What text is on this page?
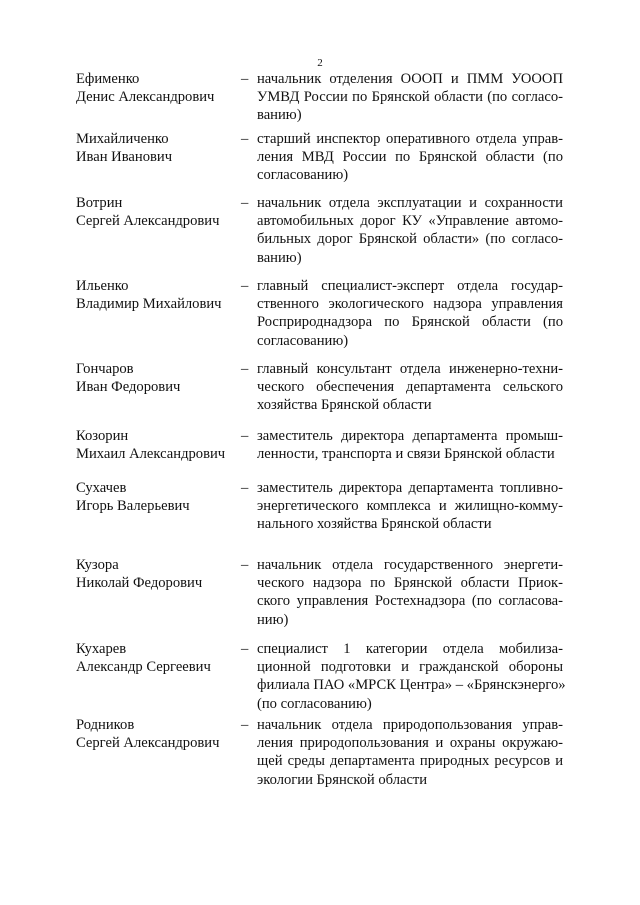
2
Ефименко
Денис Александрович
– начальник отделения ОООП и ПММ УОООП
УМВД России по Брянской области (по согласо-
ванию)
Михайличенко
Иван Иванович
– старший инспектор оперативного отдела управ-
ления МВД России по Брянской области (по
согласованию)
Вотрин
Сергей Александрович
– начальник отдела эксплуатации и сохранности
автомобильных дорог КУ «Управление автомо-
бильных дорог Брянской области» (по согласо-
ванию)
Ильенко
Владимир Михайлович
– главный специалист-эксперт отдела государ-
ственного экологического надзора управления
Росприроднадзора по Брянской области (по
согласованию)
Гончаров
Иван Федорович
– главный консультант отдела инженерно-техни-
ческого обеспечения департамента сельского
хозяйства Брянской области
Козорин
Михаил Александрович
– заместитель директора департамента промыш-
ленности, транспорта и связи Брянской области
Сухачев
Игорь Валерьевич
– заместитель директора департамента топливно-
энергетического комплекса и жилищно-комму-
нального хозяйства Брянской области
Кузора
Николай Федорович
– начальник отдела государственного энергети-
ческого надзора по Брянской области Приок-
ского управления Ростехнадзора (по согласова-
нию)
Кухарев
Александр Сергеевич
– специалист 1 категории отдела мобилиза-
ционной подготовки и гражданской обороны
филиала ПАО «МРСК Центра» – «Брянскэнерго»
(по согласованию)
Родников
Сергей Александрович
– начальник отдела природопользования управ-
ления природопользования и охраны окружаю-
щей среды департамента природных ресурсов и
экологии Брянской области
